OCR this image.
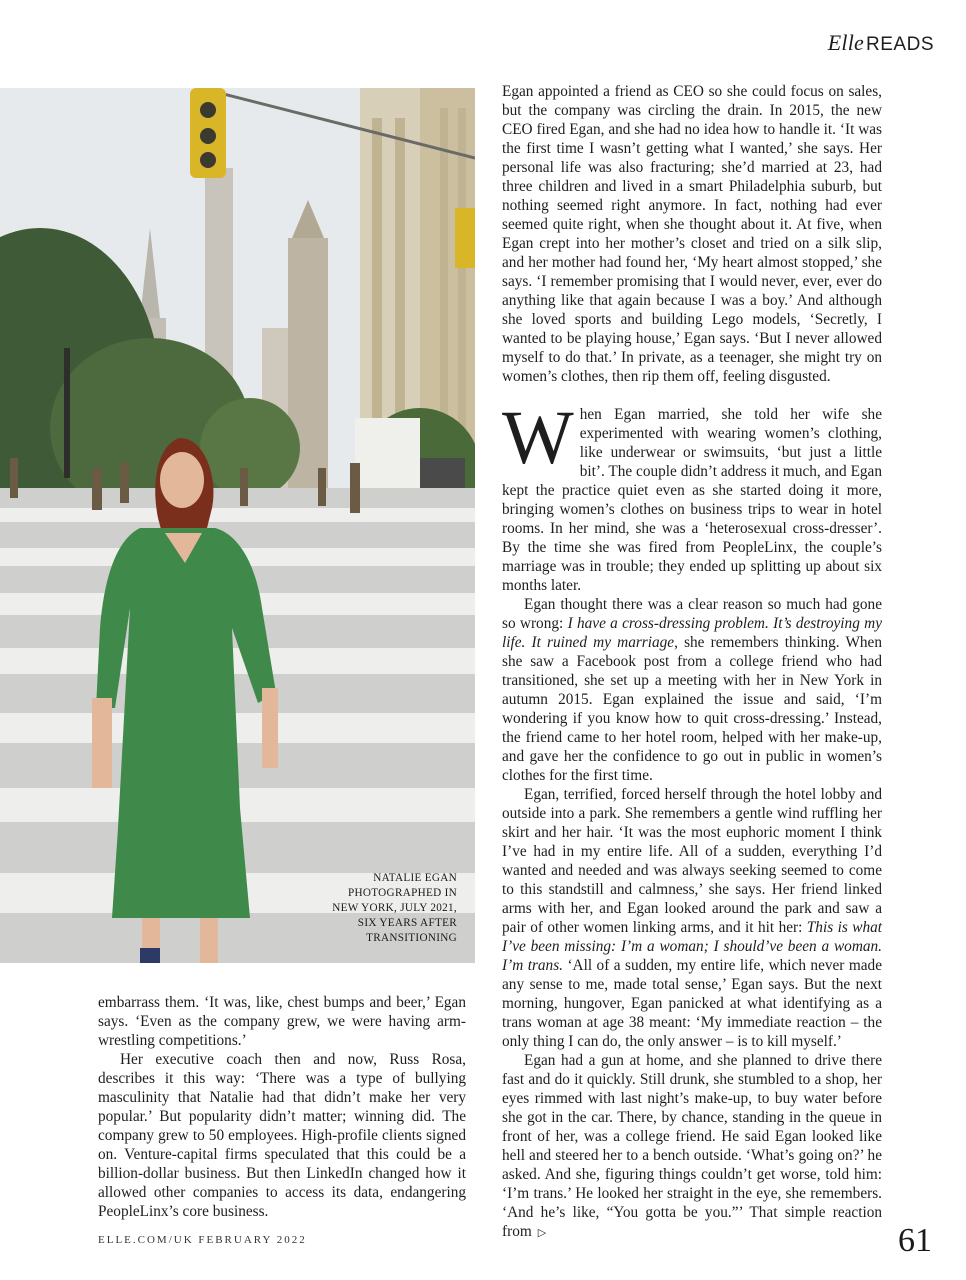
Elle READS
NATALIE EGAN
PHOTOGRAPHED IN
NEW YORK, JULY 2021,
SIX YEARS AFTER
TRANSITIONING

embarrass them. ‘It was, like, chest bumps and beer,’ Egan says. ‘Even as the company grew, we were having arm-wrestling competitions.’

Her executive coach then and now, Russ Rosa, describes it this way: ‘There was a type of bullying masculinity that Natalie had that didn’t make her very popular.’ But popularity didn’t matter; winning did. The company grew to 50 employees. High-profile clients signed on. Venture-capital firms speculated that this could be a billion-dollar business. But then LinkedIn changed how it allowed other companies to access its data, endangering PeopleLinx’s core business.

Egan appointed a friend as CEO so she could focus on sales, but the company was circling the drain. In 2015, the new CEO fired Egan, and she had no idea how to handle it. ‘It was the first time I wasn’t getting what I wanted,’ she says. Her personal life was also fracturing; she’d married at 23, had three children and lived in a smart Philadelphia suburb, but nothing seemed right anymore. In fact, nothing had ever seemed quite right, when she thought about it. At five, when Egan crept into her mother’s closet and tried on a silk slip, and her mother had found her, ‘My heart almost stopped,’ she says. ‘I remember promising that I would never, ever, ever do anything like that again because I was a boy.’ And although she loved sports and building Lego models, ‘Secretly, I wanted to be playing house,’ Egan says. ‘But I never allowed myself to do that.’ In private, as a teenager, she might try on women’s clothes, then rip them off, feeling disgusted.

When Egan married, she told her wife she experimented with wearing women’s clothing, like underwear or swimsuits, ‘but just a little bit’. The couple didn’t address it much, and Egan kept the practice quiet even as she started doing it more, bringing women’s clothes on business trips to wear in hotel rooms. In her mind, she was a ‘heterosexual cross-dresser’. By the time she was fired from PeopleLinx, the couple’s marriage was in trouble; they ended up splitting up about six months later.

Egan thought there was a clear reason so much had gone so wrong: I have a cross-dressing problem. It’s destroying my life. It ruined my marriage, she remembers thinking. When she saw a Facebook post from a college friend who had transitioned, she set up a meeting with her in New York in autumn 2015. Egan explained the issue and said, ‘I’m wondering if you know how to quit cross-dressing.’ Instead, the friend came to her hotel room, helped with her make-up, and gave her the confidence to go out in public in women’s clothes for the first time.

Egan, terrified, forced herself through the hotel lobby and outside into a park. She remembers a gentle wind ruffling her skirt and her hair. ‘It was the most euphoric moment I think I’ve had in my entire life. All of a sudden, everything I’d wanted and needed and was always seeking seemed to come to this standstill and calmness,’ she says. Her friend linked arms with her, and Egan looked around the park and saw a pair of other women linking arms, and it hit her: This is what I’ve been missing: I’m a woman; I should’ve been a woman. I’m trans. ‘All of a sudden, my entire life, which never made any sense to me, made total sense,’ Egan says. But the next morning, hungover, Egan panicked at what identifying as a trans woman at age 38 meant: ‘My immediate reaction – the only thing I can do, the only answer – is to kill myself.’

Egan had a gun at home, and she planned to drive there fast and do it quickly. Still drunk, she stumbled to a shop, her eyes rimmed with last night’s make-up, to buy water before she got in the car. There, by chance, standing in the queue in front of her, was a college friend. He said Egan looked like hell and steered her to a bench outside. ‘What’s going on?’ he asked. And she, figuring things couldn’t get worse, told him: ‘I’m trans.’ He looked her straight in the eye, she remembers. ‘And he’s like, “You gotta be you.”’ That simple reaction from ▷

ELLE.COM/UK FEBRUARY 2022	61
